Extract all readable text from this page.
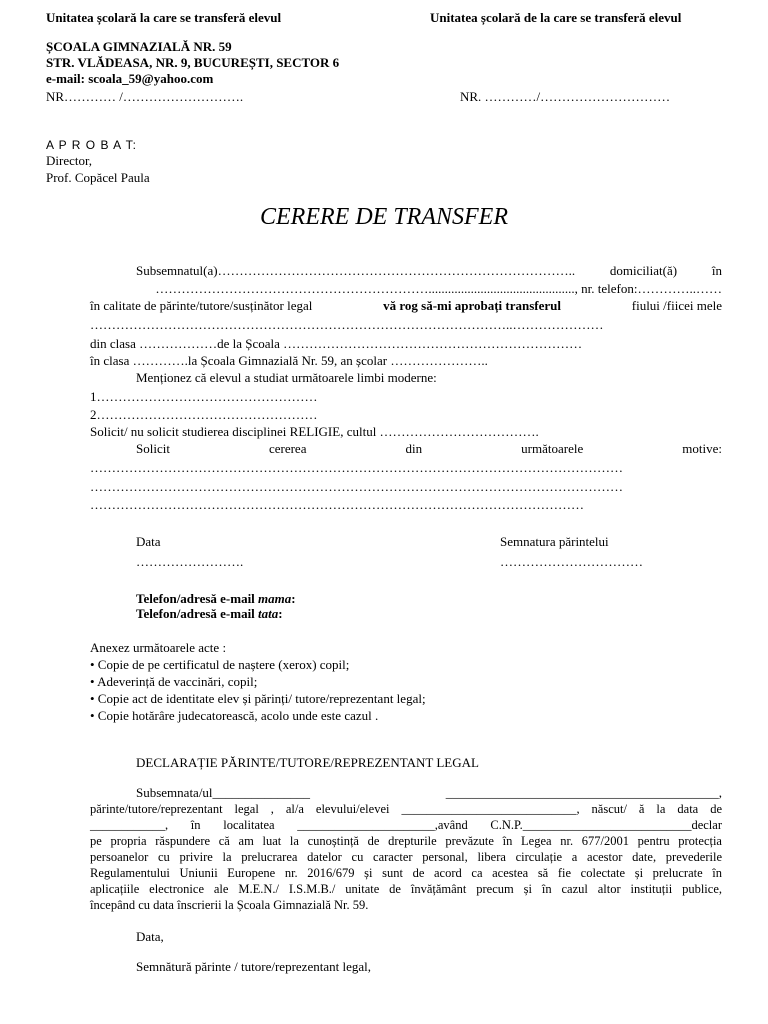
Unitatea școlară la care se transferă elevul	Unitatea școlară de la care se transferă elevul
ȘCOALA GIMNAZIALĂ NR. 59
STR. VLĂDEASA, NR. 9, BUCUREȘTI, SECTOR 6
e-mail: scoala_59@yahoo.com
NR………… /……………………….	NR. …………/…………………………
A P R O B A T:
Director,
Prof. Copăcel Paula
CERERE DE TRANSFER
Subsemnatul(a)………………………………………………………………………..	domiciliat(ă)	în
………………………………………………………............................................., nr. telefon:…………..……
în calitate de părinte/tutore/susținător legal	vă rog să-mi aprobați transferul	fiului /fiicei mele
……………………………………………………………………………………..…………………
din clasa ………………de la Școala ……………………………………………………………
în clasa ………….la Școala Gimnazială Nr. 59, an școlar …………………..
Menționez că elevul a studiat următoarele limbi moderne:
1……………………………………………
2……………………………………………
Solicit/ nu solicit studierea disciplinei RELIGIE, cultul ……………………………….
Solicit	cererea	din	următoarele	motive:
……………………………………………………………………………………………………………
……………………………………………………………………………………………………………
……………………………………………………………………………………………………
Data
…………………….
Semnatura părintelui
……………………………
Telefon/adresă e-mail mama:
Telefon/adresă e-mail tata:
Anexez următoarele acte :
• Copie de pe certificatul de naștere (xerox) copil;
• Adeverință de vaccinări, copil;
• Copie act de identitate elev și părinți/ tutore/reprezentant legal;
• Copie hotărâre judecatorească, acolo unde este cazul .
DECLARAȚIE PĂRINTE/TUTORE/REPREZENTANT LEGAL
Subsemnata/ul_______________	__________________________________________,
părinte/tutore/reprezentant legal , al/a elevului/elevei ____________________________, născut/ ă la data de
____________, în localitatea ______________________,având C.N.P.___________________________declar
pe propria răspundere că am luat la cunoștință de drepturile prevăzute în Legea nr. 677/2001 pentru protecția
persoanelor cu privire la prelucrarea datelor cu caracter personal, libera circulație a acestor date, prevederile
Regulamentului Uniunii Europene nr. 2016/679 și sunt de acord ca acestea să fie colectate și prelucrate în
aplicațiile electronice ale M.E.N./ I.S.M.B./ unitate de învățământ precum și în cazul altor instituții publice,
începând cu data înscrierii la Școala Gimnazială Nr. 59.
Data,
Semnătură părinte / tutore/reprezentant legal,
